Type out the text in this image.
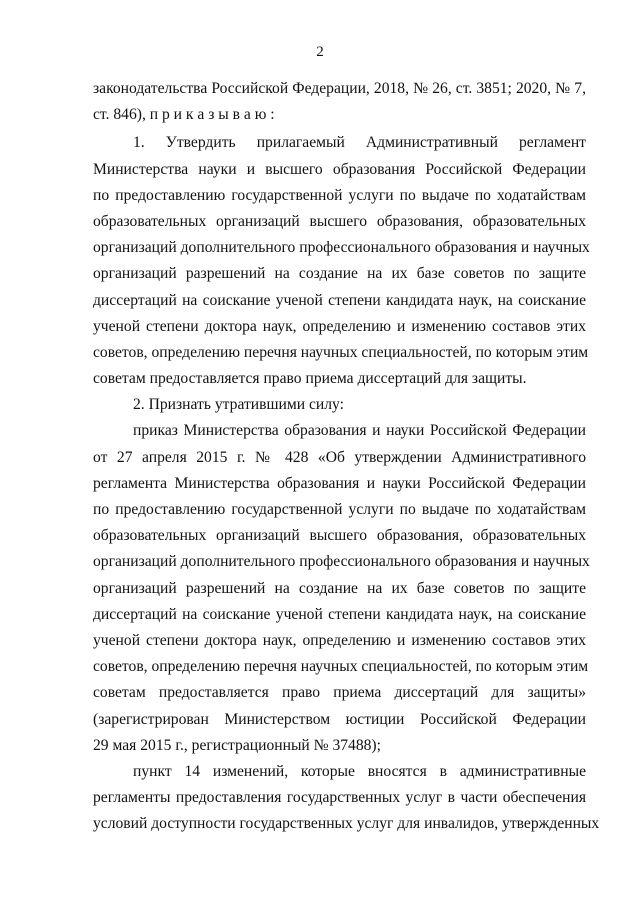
2
законодательства Российской Федерации, 2018, № 26, ст. 3851; 2020, № 7,
ст. 846), п р и к а з ы в а ю :
1. Утвердить прилагаемый Административный регламент
Министерства науки и высшего образования Российской Федерации
по предоставлению государственной услуги по выдаче по ходатайствам
образовательных организаций высшего образования, образовательных
организаций дополнительного профессионального образования и научных
организаций разрешений на создание на их базе советов по защите
диссертаций на соискание ученой степени кандидата наук, на соискание
ученой степени доктора наук, определению и изменению составов этих
советов, определению перечня научных специальностей, по которым этим
советам предоставляется право приема диссертаций для защиты.
2. Признать утратившими силу:
приказ Министерства образования и науки Российской Федерации
от 27 апреля 2015 г. № 428 «Об утверждении Административного
регламента Министерства образования и науки Российской Федерации
по предоставлению государственной услуги по выдаче по ходатайствам
образовательных организаций высшего образования, образовательных
организаций дополнительного профессионального образования и научных
организаций разрешений на создание на их базе советов по защите
диссертаций на соискание ученой степени кандидата наук, на соискание
ученой степени доктора наук, определению и изменению составов этих
советов, определению перечня научных специальностей, по которым этим
советам предоставляется право приема диссертаций для защиты»
(зарегистрирован Министерством юстиции Российской Федерации
29 мая 2015 г., регистрационный № 37488);
пункт 14 изменений, которые вносятся в административные
регламенты предоставления государственных услуг в части обеспечения
условий доступности государственных услуг для инвалидов, утвержденных
